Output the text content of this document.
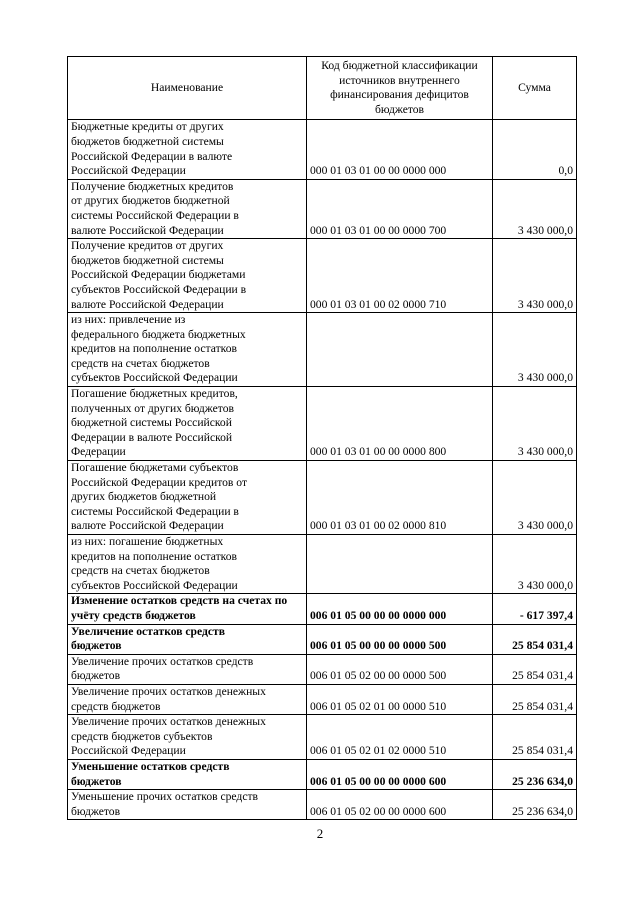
Наименование	Код бюджетной классификации источников внутреннего финансирования дефицитов бюджетов	Сумма

Бюджетные кредиты от других бюджетов бюджетной системы Российской Федерации в валюте Российской Федерации	000 01 03 01 00 00 0000 000	0,0

Получение бюджетных кредитов от других бюджетов бюджетной системы Российской Федерации в валюте Российской Федерации	000 01 03 01 00 00 0000 700	3 430 000,0

Получение кредитов от других бюджетов бюджетной системы Российской Федерации бюджетами субъектов Российской Федерации в валюте Российской Федерации	000 01 03 01 00 02 0000 710	3 430 000,0

из них: привлечение из федерального бюджета бюджетных кредитов на пополнение остатков средств на счетах бюджетов субъектов Российской Федерации		3 430 000,0

Погашение бюджетных кредитов, полученных от других бюджетов бюджетной системы Российской Федерации в валюте Российской Федерации	000 01 03 01 00 00 0000 800	3 430 000,0

Погашение бюджетами субъектов Российской Федерации кредитов от других бюджетов бюджетной системы Российской Федерации в валюте Российской Федерации	000 01 03 01 00 02 0000 810	3 430 000,0

из них: погашение бюджетных кредитов на пополнение остатков средств на счетах бюджетов субъектов Российской Федерации		3 430 000,0

Изменение остатков средств на счетах по учёту средств бюджетов	006 01 05 00 00 00 0000 000	- 617 397,4

Увеличение остатков средств бюджетов	006 01 05 00 00 00 0000 500	25 854 031,4

Увеличение прочих остатков средств бюджетов	006 01 05 02 00 00 0000 500	25 854 031,4

Увеличение прочих остатков денежных средств бюджетов	006 01 05 02 01 00 0000 510	25 854 031,4

Увеличение прочих остатков денежных средств бюджетов субъектов Российской Федерации	006 01 05 02 01 02 0000 510	25 854 031,4

Уменьшение остатков средств бюджетов	006 01 05 00 00 00 0000 600	25 236 634,0

Уменьшение прочих остатков средств бюджетов	006 01 05 02 00 00 0000 600	25 236 634,0
2
